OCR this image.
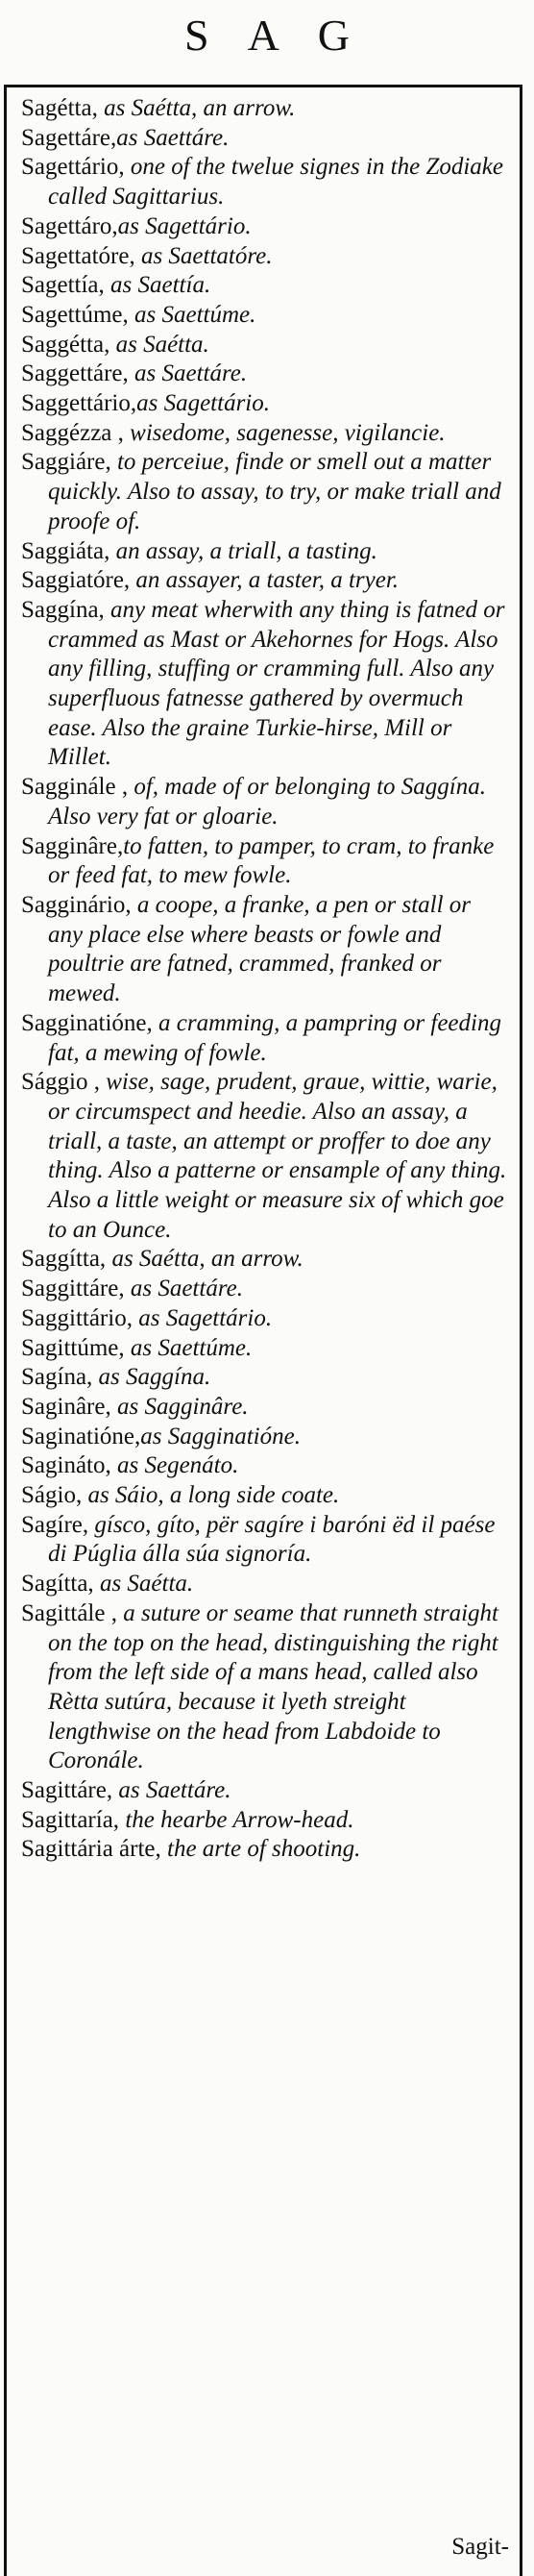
SAG

Sagétta, as Saétta, an arrow.

Sagettáre,as Saettáre.

Sagettário, one of the twelue signes in the Zodiake called Sagittarius.

Sagettáro,as Sagettário.

Sagettatóre, as Saettatóre.

Sagettía, as Saettía.

Sagettúme, as Saettúme.

Saggétta, as Saétta.

Saggettáre, as Saettáre.

Saggettário,as Sagettário.

Saggézza , wisedome, sagenesse, vigilancie.

Saggiáre, to perceiue, finde or smell out a matter quickly. Also to assay, to try, or make triall and proofe of.

Saggiáta, an assay, a triall, a tasting.

Saggiatóre, an assayer, a taster, a tryer.

Saggína, any meat wherwith any thing is fatned or crammed as Mast or Akehornes for Hogs. Also any filling, stuffing or cramming full. Also any superfluous fatnesse gathered by overmuch ease. Also the graine Turkie-hirse, Mill or Millet.

Sagginále , of, made of or belonging to Saggína. Also very fat or gloarie.

Sagginâre,to fatten, to pamper, to cram, to franke or feed fat, to mew fowle.

Sagginário, a coope, a franke, a pen or stall or any place else where beasts or fowle and poultrie are fatned, crammed, franked or mewed.

Sagginatióne, a cramming, a pampring or feeding fat, a mewing of fowle.

Sággio , wise, sage, prudent, graue, wittie, warie, or circumspect and heedie. Also an assay, a triall, a taste, an attempt or proffer to doe any thing. Also a patterne or ensample of any thing. Also a little weight or measure six of which goe to an Ounce.

Saggítta, as Saétta, an arrow.

Saggittáre, as Saettáre.

Saggittário, as Sagettário.

Sagittúme, as Saettúme.

Sagína, as Saggína.

Saginâre, as Sagginâre.

Saginatióne,as Sagginatióne.

Sagináto, as Segenáto.

Ságio, as Sáio, a long side coate.

Sagíre, gísco, gíto, për sagíre i baróni ëd il paése di Púglia álla súa signoría.

Sagítta, as Saétta.

Sagittále , a suture or seame that runneth straight on the top on the head, distinguishing the right from the left side of a mans head, called also Rètta sutúra, because it lyeth streight lengthwise on the head from Labdoide to Coronále.

Sagittáre, as Saettáre.

Sagittaría, the hearbe Arrow-head.

Sagittária árte, the arte of shooting.

Sagit-
